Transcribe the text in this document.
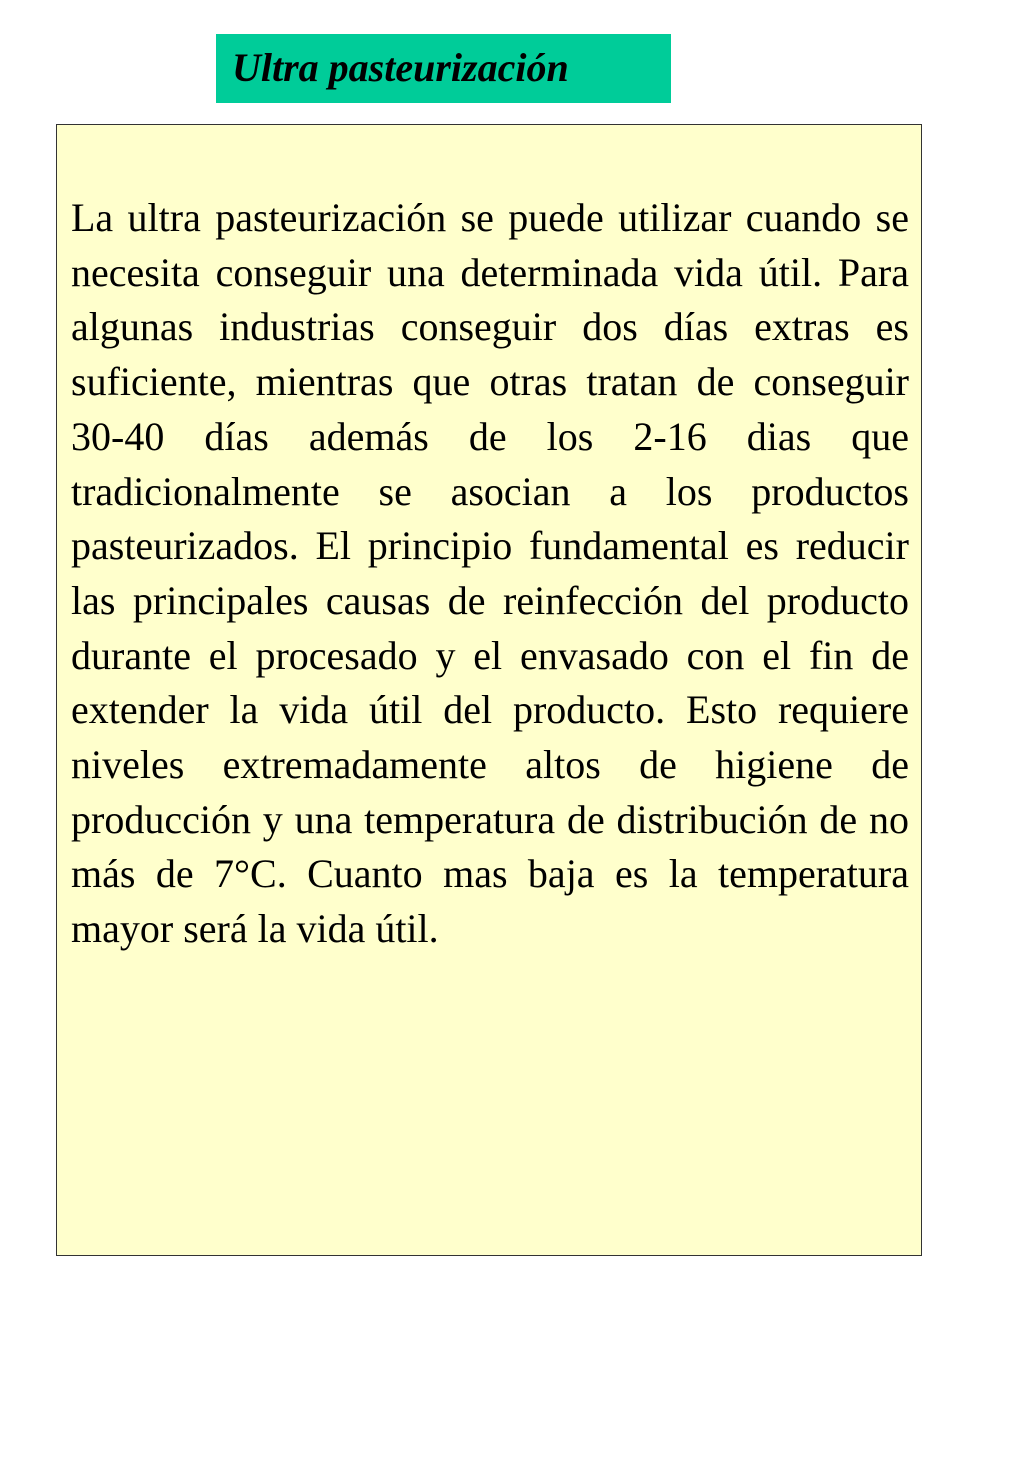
Ultra pasteurización

La ultra pasteurización se puede utilizar cuando se necesita conseguir una determinada vida útil. Para algunas industrias conseguir dos días extras es suficiente, mientras que otras tratan de conseguir 30-40 días además de los 2-16 dias que tradicionalmente se asocian a los productos pasteurizados. El principio fundamental es reducir las principales causas de reinfección del producto durante el procesado y el envasado con el fin de extender la vida útil del producto. Esto requiere niveles extremadamente altos de higiene de producción y una temperatura de distribución de no más de 7°C. Cuanto mas baja es la temperatura mayor será la vida útil.
